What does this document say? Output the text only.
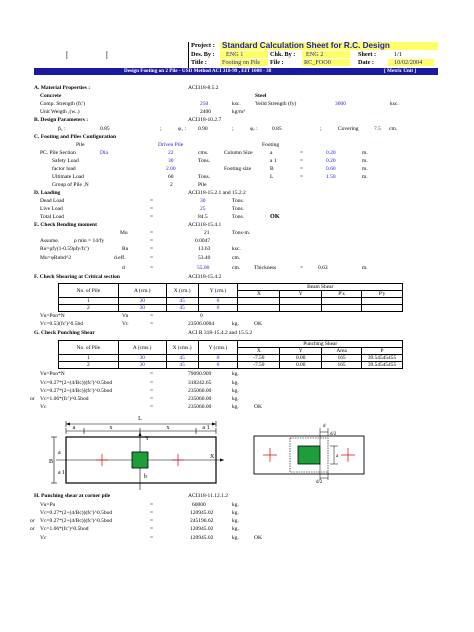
|	|
Project : Standard Calculation Sheet for R.C. Design
Des. By : ENG 1	Chk. By : ENG 2	Sheet :	1/1
Title : Footing on Pile File :	RC_FOO0	Date :	10/02/2004
Design Footing on 2 Pile - USD Method ACI 318-99 , EIT 1008 - 38	[ Metric Unit ]
A. Material Properties :	ACI318-8.5.2
Concrete	Steel
Comp. Strength (fc')	250	ksc.	Yeild Strength (fy)	3000	ksc.
Unit Weigth ,(w..)	2400	kg/m³
B. Design Parameters :	ACI318-10.2.7
β₁ :	0.85	;	φ₁ : 0.90	;	φᵥ :	0.85	;	Covering	7.5 cm.
C. Footing and Piles Configuration
Pile	Driven Pile	Footing
PC. Pile Section	Dia	22	cms.	Column Size	a	=	0.20	m.
Safety Load	30	Tons.	a 1	=	0.20	m.
factor load	2.00	Footing size	B	=	0.60	m.
Ultimate Load	60	Tons.	L	=	1.50	m.
Group of Pile ,N	2	Pile
D. Loading	ACI318-15.2.1 and 15.2.2
Dead Load	=	30	Tons.
Live Load	=	25	Tons.
Total Load	=	84.5	Tons.	OK
E. Check Bending moment	ACI318-15.4.1
Mu	=	21	Tons-m.
Assume.	ρ min = 14/fy	=	0.0047
Ru=ρfy(1-0.59ρfy/fc')	Ru	=	13.63	ksc.
Mu=φRubd^2	d.eff.	=	53.40	cm.
d	=	55.00	cm.	Thickness	=	0.63	m.
F. Check Shearing at Critical section	ACI318-15.4.2
No. of Pile	A (cm.)	X (cm.)	Y (cm.)	Beam Shear			
				X	Y	P'x	P'y
1	30	45	0				
2	30	45	0				
Vu=Pon*N	Vu	=	0
Vc=0.53(fc')^0.5bd	Vc	=	23506.0004	kg.	OK
G. Check Punching Shear	ACI R 318-15.4.2 and 15.5.2
No. of Pile	A (cms.)	X (cms.)	Y (cms.)	Punching Shear			
				X	Y	Area	P
1	30	45	0	-7.50	0.00	165	39.54545455
2	30	45	0	-7.50	0.00	165	39.54545455
Vu=Pon*N	=	79090.909	kg.
Vc=0.27*(2+(4/Bc))(fc')^0.5bod	=	318242.65	kg.
Vc=0.27*(2+(4/Bc))(fc')^0.5bod	=	235060.00	kg.
or Vc=1.06*(fc')^0.5bod	=	235060.00	kg.
Vc	=	235060.00	kg.	OK
L
a	x	x	a 1
Y
X
B
a
a 1
b
d
d/2
a
d/2
H. Punching shear at corner pile	ACI318-11.12.1.2
Vu=Pu	=	60000	kg.
Vc=0.27*(2+(4/Bc))(fc')^0.5bod	=	120945.02	kg.
or Vc=0.27*(2+(4/Bc))(fc')^0.5bod	=	245196.62	kg.
or Vc=1.06*(fc')^0.5bod	=	120945.02	kg.
Vc	=	120945.02	kg.	OK
